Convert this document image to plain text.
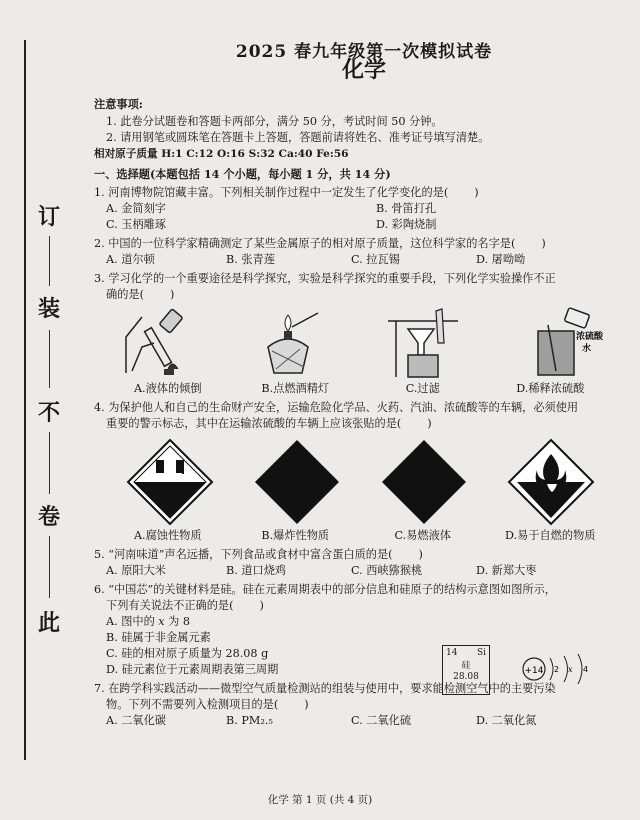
订
装
不
卷
此
2025 春九年级第一次模拟试卷
化学
注意事项:
1. 此卷分试题卷和答题卡两部分，满分 50 分，考试时间 50 分钟。
2. 请用钢笔或圆珠笔在答题卡上答题，答题前请将姓名、准考证号填写清楚。
相对原子质量 H:1 C:12 O:16 S:32 Ca:40 Fe:56
一、选择题(本题包括 14 个小题，每小题 1 分，共 14 分)
1. 河南博物院馆藏丰富。下列相关制作过程中一定发生了化学变化的是( )
A. 金简刻字	B. 骨笛打孔
C. 玉柄雕琢	D. 彩陶烧制
2. 中国的一位科学家精确测定了某些金属原子的相对原子质量，这位科学家的名字是( )
A. 道尔顿	B. 张青莲	C. 拉瓦锡	D. 屠呦呦
3. 学习化学的一个重要途径是科学探究，实验是科学探究的重要手段，下列化学实验操作不正
确的是( )
浓硫酸
水
A.液体的倾倒	B.点燃酒精灯	C.过滤	D.稀释浓硫酸
4. 为保护他人和自己的生命财产安全，运输危险化学品、火药、汽油、浓硫酸等的车辆，必须使用
重要的警示标志，其中在运输浓硫酸的车辆上应该张贴的是( )
A.腐蚀性物质	B.爆炸性物质	C.易燃液体	D.易于自燃的物质
5. “河南味道”声名远播，下列食品或食材中富含蛋白质的是( )
A. 原阳大米	B. 道口烧鸡	C. 西峡猕猴桃	D. 新郑大枣
6. “中国芯”的关键材料是硅。硅在元素周期表中的部分信息和硅原子的结构示意图如图所示，
下列有关说法不正确的是( )
A. 图中的 𝑥 为 8
B. 硅属于非金属元素
C. 硅的相对原子质量为 28.08 g
D. 硅元素位于元素周期表第三周期
7. 在跨学科实践活动——微型空气质量检测站的组装与使用中，要求能检测空气中的主要污染
物。下列不需要列入检测项目的是( )
A. 二氧化碳	B. PM₂.₅	C. 二氧化硫	D. 二氧化氮
14 Si
硅
28.08
+14 2 𝑥 4
化学 第 1 页 (共 4 页)
